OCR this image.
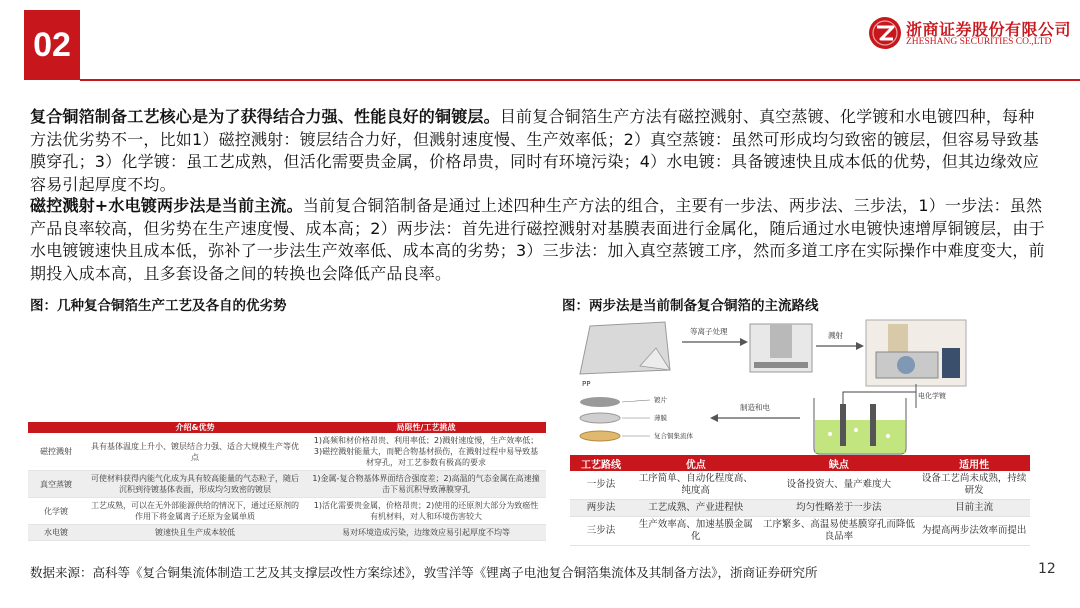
02	浙商证券股份有限公司
ZHESHANG SECURITIES CO.,LTD
复合铜箔制备工艺核心是为了获得结合力强、性能良好的铜镀层。目前复合铜箔生产方法有磁控溅射、真空蒸镀、化学镀和水电镀四种，每种方法优劣势不一，比如1）磁控溅射：镀层结合力好，但溅射速度慢、生产效率低；2）真空蒸镀：虽然可形成均匀致密的镀层，但容易导致基膜穿孔；3）化学镀：虽工艺成熟，但活化需要贵金属，价格昂贵，同时有环境污染；4）水电镀：具备镀速快且成本低的优势，但其边缘效应容易引起厚度不均。
磁控溅射+水电镀两步法是当前主流。当前复合铜箔制备是通过上述四种生产方法的组合，主要有一步法、两步法、三步法，1）一步法：虽然产品良率较高，但劣势在生产速度慢、成本高；2）两步法：首先进行磁控溅射对基膜表面进行金属化，随后通过水电镀快速增厚铜镀层，由于水电镀镀速快且成本低，弥补了一步法生产效率低、成本高的劣势；3）三步法：加入真空蒸镀工序，然而多道工序在实际操作中难度变大，前期投入成本高，且多套设备之间的转换也会降低产品良率。
图：几种复合铜箔生产工艺及各自的优劣势	图：两步法是当前制备复合铜箔的主流路线
	介绍&优势	局限性/工艺挑战
磁控溅射	具有基体温度上升小、镀层结合力强、适合大规模生产等优点	1)高频和材价格昂贵、利用率低；2)溅射速度慢，生产效率低；3)磁控溅射能量大，而靶合物基材损伤，在溅射过程中易导致基材穿孔，对工艺参数有极高的要求
真空蒸镀	可使材料获得内能气化成为具有较高能量的气态粒子，随后沉积到待镀基体表面，形成均匀致密的镀层	1)金属-复合物基体界面结合强度差；2)高温的气态金属在高速撞击下易沉积导致薄膜穿孔
化学镀	工艺成熟，可以在无外部能源供给的情况下，通过还原剂的作用下将金属离子还原为金属单质	1)活化需要贵金属，价格昂贵；2)使用的还原剂大部分为致癌性有机材料，对人和环境伤害较大
水电镀	镀速快且生产成本较低	易对环境造成污染，边缘效应易引起厚度不均等
PP
等离子处理	溅射
镀片
薄膜
复合铜集流体
制造和电
电化学镀
工艺路线	优点	缺点	适用性
一步法	工序简单、自动化程度高、纯度高	设备投资大、量产难度大	设备工艺尚未成熟，持续研发
两步法	工艺成熟、产业进程快	均匀性略差于一步法	目前主流
三步法	生产效率高、加速基膜金属化	工序繁多、高温易使基膜穿孔而降低良品率	为提高两步法效率而提出
数据来源：高科等《复合铜集流体制造工艺及其支撑层改性方案综述》，敦雪洋等《锂离子电池复合铜箔集流体及其制备方法》，浙商证券研究所	12
